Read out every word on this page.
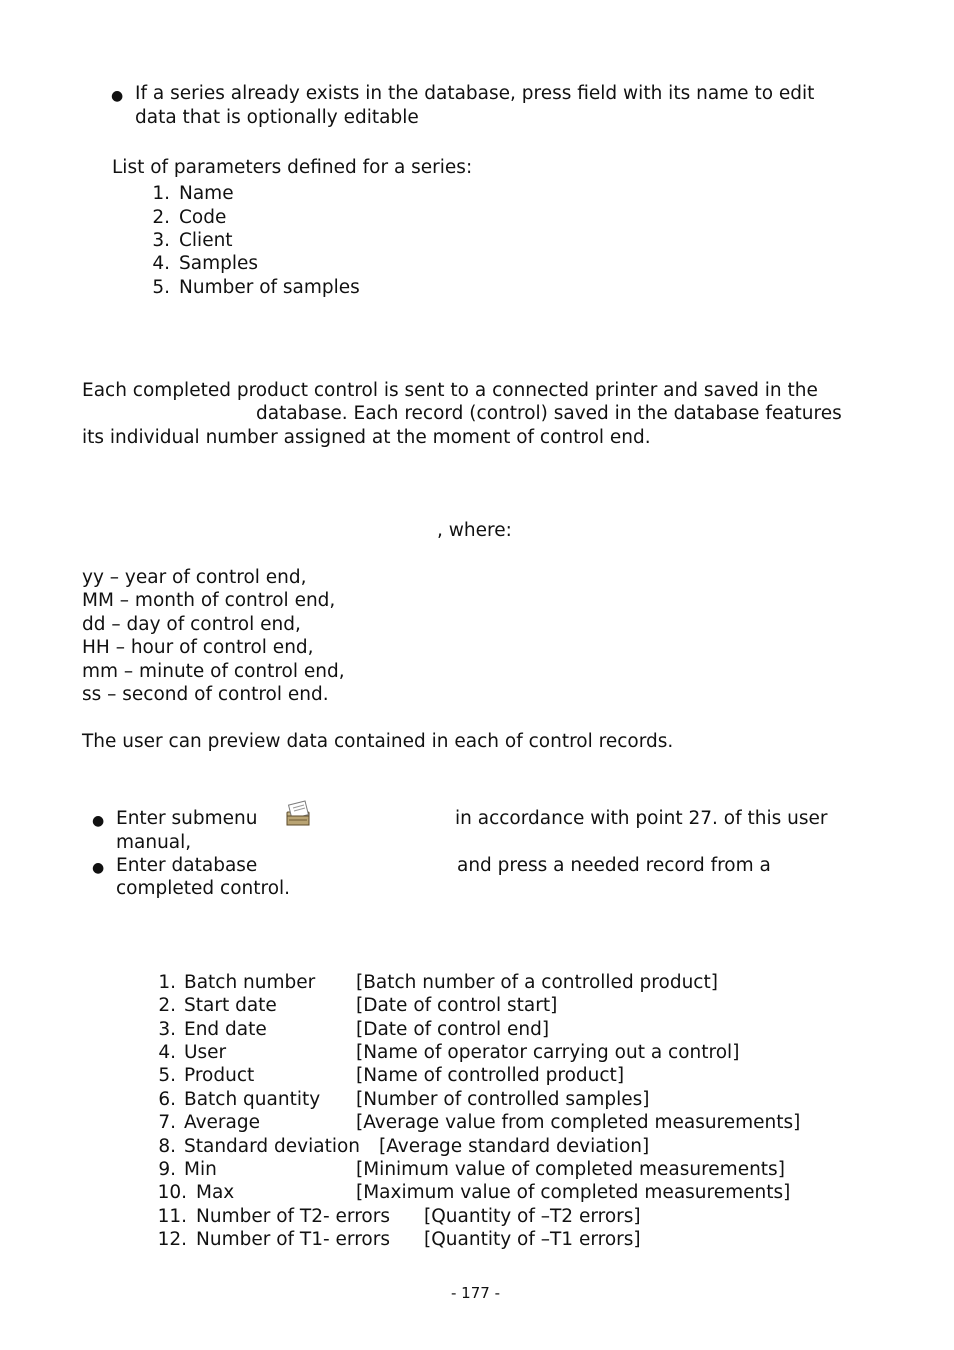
● If a series already exists in the database, press field with its name to edit
data that is optionally editable
List of parameters defined for a series:
1. Name
2. Code
3. Client
4. Samples
5. Number of samples
Each completed product control is sent to a connected printer and saved in the
database. Each record (control) saved in the database features
its individual number assigned at the moment of control end.
, where:
yy – year of control end,
MM – month of control end,
dd – day of control end,
HH – hour of control end,
mm – minute of control end,
ss – second of control end.
The user can preview data contained in each of control records.
● Enter submenu	in accordance with point 27. of this user
manual,
● Enter database	and press a needed record from a
completed control.
1. Batch number [Batch number of a controlled product]
2. Start date	[Date of control start]
3. End date	[Date of control end]
4. User	[Name of operator carrying out a control]
5. Product	[Name of controlled product]
6. Batch quantity [Number of controlled samples]
7. Average	[Average value from completed measurements]
8. Standard deviation [Average standard deviation]
9. Min	[Minimum value of completed measurements]
10. Max	[Maximum value of completed measurements]
11. Number of T2- errors [Quantity of –T2 errors]
12. Number of T1- errors [Quantity of –T1 errors]
- 177 -
